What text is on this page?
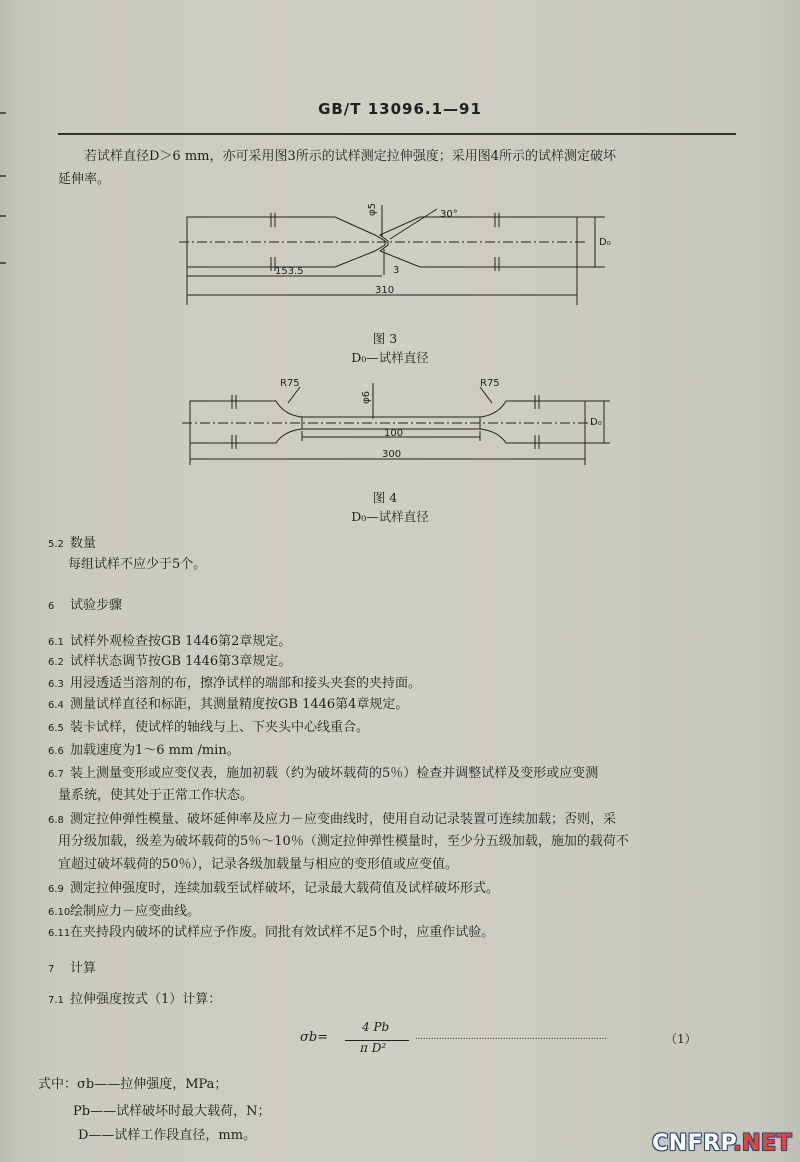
GB/T 13096.1—91
若试样直径D＞6 mm，亦可采用图3所示的试样测定拉伸强度；采用图4所示的试样测定破坏
延伸率。
φ5	30°
D₀
153.5	3
310
图 3
D₀—试样直径
R75	R75
φ6
100
300
D₀
图 4
D₀—试样直径
5.2 数量
每组试样不应少于5个。
6 试验步骤
6.1 试样外观检查按GB 1446第2章规定。
6.2 试样状态调节按GB 1446第3章规定。
6.3 用浸透适当溶剂的布，擦净试样的端部和接头夹套的夹持面。
6.4 测量试样直径和标距，其测量精度按GB 1446第4章规定。
6.5 装卡试样，使试样的轴线与上、下夹头中心线重合。
6.6 加载速度为1～6 mm /min。
6.7 装上测量变形或应变仪表，施加初载（约为破坏载荷的5％）检查并调整试样及变形或应变测
量系统，使其处于正常工作状态。
6.8 测定拉伸弹性模量、破坏延伸率及应力－应变曲线时，使用自动记录装置可连续加载；否则，采
用分级加载，级差为破坏载荷的5％～10％（测定拉伸弹性模量时，至少分五级加载，施加的载荷不
宜超过破坏载荷的50％），记录各级加载量与相应的变形值或应变值。
6.9 测定拉伸强度时，连续加载至试样破坏，记录最大载荷值及试样破坏形式。
6.10绘制应力－应变曲线。
6.11在夹持段内破坏的试样应予作废。同批有效试样不足5个时，应重作试验。
7 计算
7.1 拉伸强度按式（1）计算：
σb=
4 Pb
π D²
………………………………………………………………	（1）
式中：σb——拉伸强度，MPa；
Pb——试样破坏时最大载荷，N；
D——试样工作段直径，mm。	CNFRP.NET
